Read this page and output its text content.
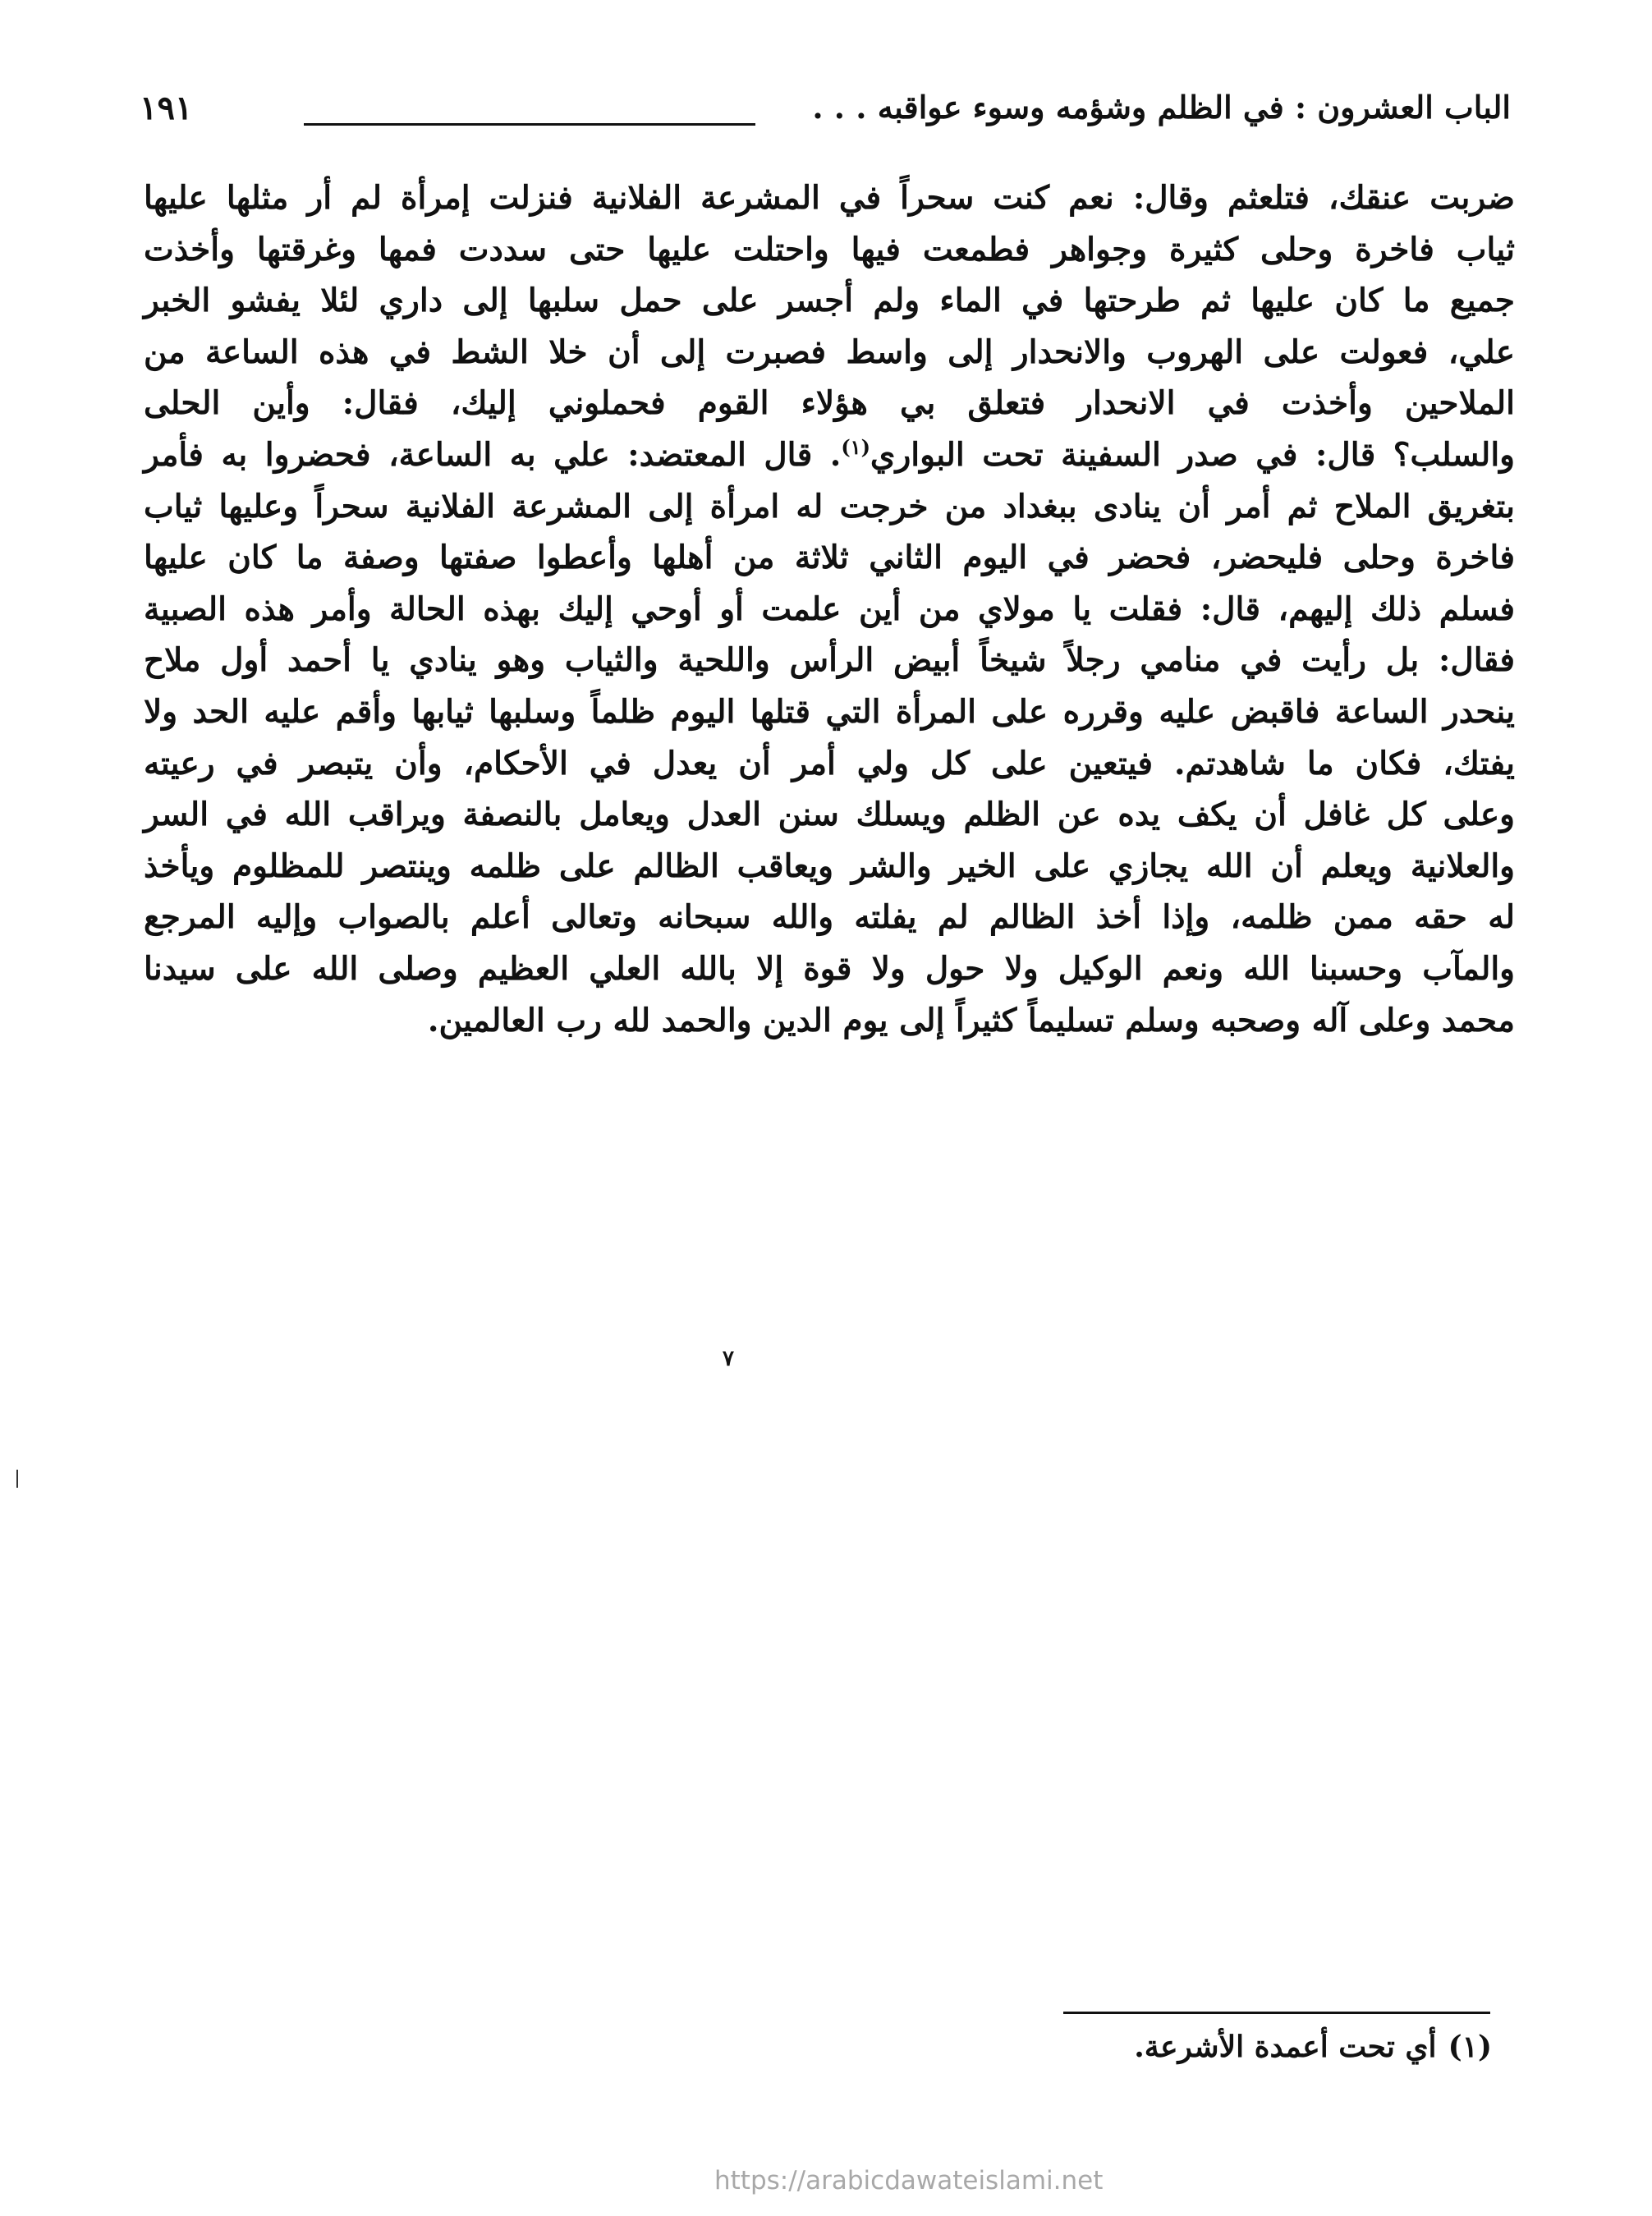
الباب العشرون : في الظلم وشؤمه وسوء عواقبه . . .
١٩١
ضربت عنقك، فتلعثم وقال: نعم كنت سحراً في المشرعة الفلانية فنزلت إمرأة لم أر مثلها عليها
ثياب فاخرة وحلى كثيرة وجواهر فطمعت فيها واحتلت عليها حتى سددت فمها وغرقتها وأخذت
جميع ما كان عليها ثم طرحتها في الماء ولم أجسر على حمل سلبها إلى داري لئلا يفشو الخبر
علي، فعولت على الهروب والانحدار إلى واسط فصبرت إلى أن خلا الشط في هذه الساعة من
الملاحين وأخذت في الانحدار فتعلق بي هؤلاء القوم فحملوني إليك، فقال: وأين الحلى
والسلب؟ قال: في صدر السفينة تحت البواري$^{(١)}$. قال المعتضد: علي به الساعة، فحضروا به فأمر
بتغريق الملاح ثم أمر أن ينادى ببغداد من خرجت له امرأة إلى المشرعة الفلانية سحراً وعليها ثياب
فاخرة وحلى فليحضر، فحضر في اليوم الثاني ثلاثة من أهلها وأعطوا صفتها وصفة ما كان عليها
فسلم ذلك إليهم، قال: فقلت يا مولاي من أين علمت أو أوحي إليك بهذه الحالة وأمر هذه الصبية
فقال: بل رأيت في منامي رجلاً شيخاً أبيض الرأس واللحية والثياب وهو ينادي يا أحمد أول ملاح
ينحدر الساعة فاقبض عليه وقرره على المرأة التي قتلها اليوم ظلماً وسلبها ثيابها وأقم عليه الحد ولا
يفتك، فكان ما شاهدتم. فيتعين على كل ولي أمر أن يعدل في الأحكام، وأن يتبصر في رعيته
وعلى كل غافل أن يكف يده عن الظلم ويسلك سنن العدل ويعامل بالنصفة ويراقب الله في السر
والعلانية ويعلم أن الله يجازي على الخير والشر ويعاقب الظالم على ظلمه وينتصر للمظلوم ويأخذ
له حقه ممن ظلمه، وإذا أخذ الظالم لم يفلته والله سبحانه وتعالى أعلم بالصواب وإليه المرجع
والمآب وحسبنا الله ونعم الوكيل ولا حول ولا قوة إلا بالله العلي العظيم وصلى الله على سيدنا
محمد وعلى آله وصحبه وسلم تسليماً كثيراً إلى يوم الدين والحمد لله رب العالمين.
٧
(١)أي تحت أعمدة الأشرعة.
https://arabicdawateislami.net
